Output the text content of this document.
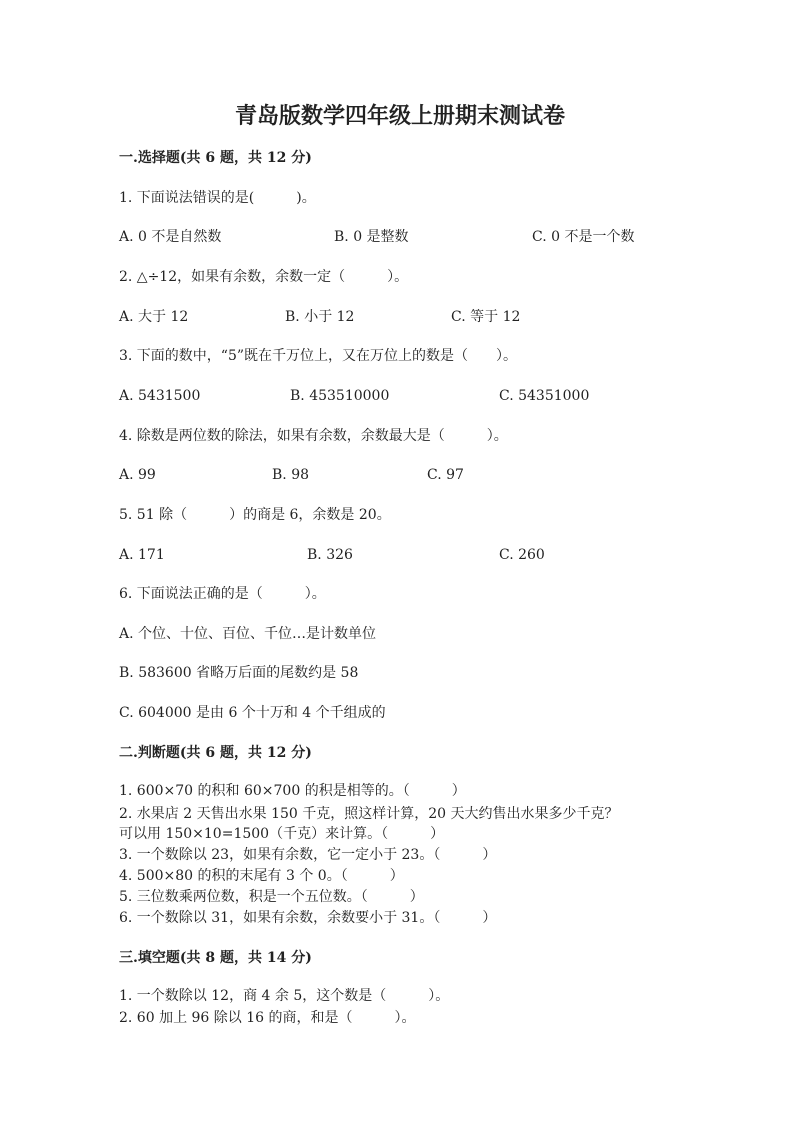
青岛版数学四年级上册期末测试卷
一.选择题(共 6 题，共 12 分)
1. 下面说法错误的是(　　　)。
A. 0 不是自然数	B. 0 是整数	C. 0 不是一个数
2. △÷12，如果有余数，余数一定（　　　）。
A. 大于 12	B. 小于 12	C. 等于 12
3. 下面的数中，“5”既在千万位上，又在万位上的数是（　　）。
A. 5431500	B. 453510000	C. 54351000
4. 除数是两位数的除法，如果有余数，余数最大是（　　　）。
A. 99	B. 98	C. 97
5. 51 除（　　　）的商是 6，余数是 20。
A. 171	B. 326	C. 260
6. 下面说法正确的是（　　　）。
A. 个位、十位、百位、千位…是计数单位
B. 583600 省略万后面的尾数约是 58
C. 604000 是由 6 个十万和 4 个千组成的
二.判断题(共 6 题，共 12 分)
1. 600×70 的积和 60×700 的积是相等的。（　　　）
2. 水果店 2 天售出水果 150 千克，照这样计算，20 天大约售出水果多少千克？
可以用 150×10=1500（千克）来计算。（　　　）
3. 一个数除以 23，如果有余数，它一定小于 23。（　　　）
4. 500×80 的积的末尾有 3 个 0。（　　　）
5. 三位数乘两位数，积是一个五位数。（　　　）
6. 一个数除以 31，如果有余数，余数要小于 31。（　　　）
三.填空题(共 8 题，共 14 分)
1. 一个数除以 12，商 4 余 5，这个数是（　　　）。
2. 60 加上 96 除以 16 的商，和是（　　　）。
